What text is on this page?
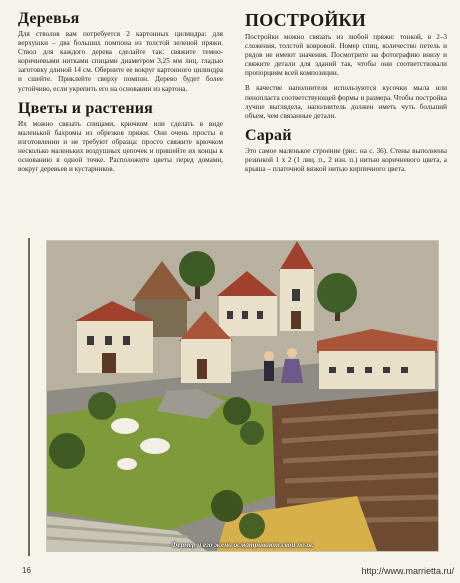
Деревья

Для стволов вам потребуется 2 картонных цилиндра: для верхушки – два больших помпона из толстой зеленой пряжи. Ствол для каждого дерева сделайте так: свяжите темно-коричневыми нитками спицами диаметром 3,25 мм лиц. гладью заготовку длиной 14 см. Оберните ее вокруг картонного цилиндра и сшейте. Приклейте сверху помпон. Дерево будет более устойчиво, если укрепить его на основании из картона.

Цветы и растения

Их можно связать спицами, крючком или сделать в виде маленькой бахромы из обрезков пряжи. Они очень просты в изготовлении и не требуют образца: просто свяжите крючком несколько маленьких воздушных цепочек и пришейте их концы к основанию в одной точке. Расположите цветы перед домами, вокруг деревьев и кустарников.

ПОСТРОЙКИ

Постройки можно связать из любой пряжи: тонкой, в 2–3 сложения, толстой ковровой. Номер спиц, количество петель и рядов не имеют значения. Посмотрите на фотографию внизу и свяжите детали для зданий так, чтобы они соответствовали пропорциям всей композиции.

В качестве наполнителя используются кусочки мыла или пенопласта соответствующей формы и размера. Чтобы постройка лучше выглядела, наполнитель должен иметь чуть больший объем, чем связанные детали.

Сарай

Это самое маленькое строение (рис. на с. 36). Стены выполнены резинкой 1 х 2 (1 лиц. п., 2 изн. п.) нитью коричневого цвета, а крыша – платочной вязкой нитью кирпичного цвета.

Фермер и его жена осматривают свои поля.
16	http://www.marrietta.ru/
